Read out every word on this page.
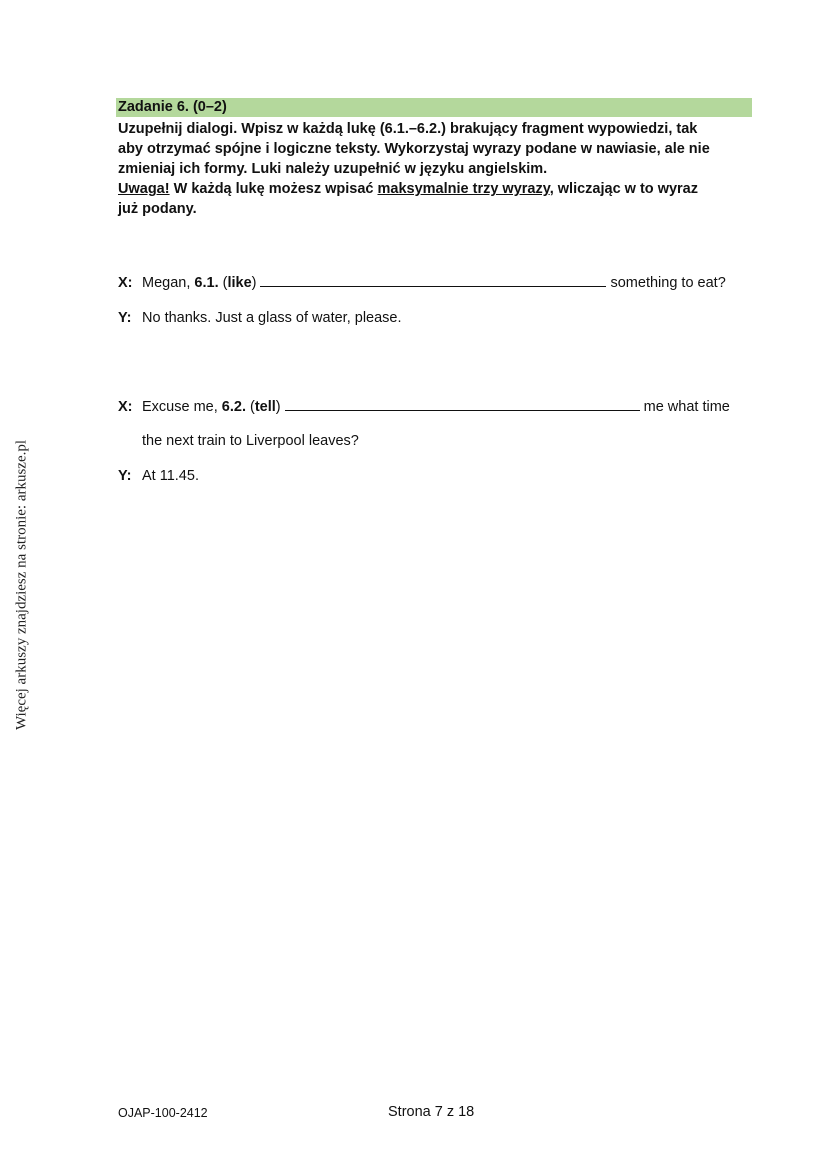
Więcej arkuszy znajdziesz na stronie: arkusze.pl
Zadanie 6. (0–2)

Uzupełnij dialogi. Wpisz w każdą lukę (6.1.–6.2.) brakujący fragment wypowiedzi, tak

aby otrzymać spójne i logiczne teksty. Wykorzystaj wyrazy podane w nawiasie, ale nie

zmieniaj ich formy. Luki należy uzupełnić w języku angielskim.

Uwaga! W każdą lukę możesz wpisać maksymalnie trzy wyrazy, wliczając w to wyraz

już podany.

X: Megan, 6.1. (like)	something to eat?
Y: No thanks. Just a glass of water, please.
X: Excuse me, 6.2. (tell)	me what time
the next train to Liverpool leaves?
Y: At 11.45.
OJAP-100-2412	Strona 7 z 18
